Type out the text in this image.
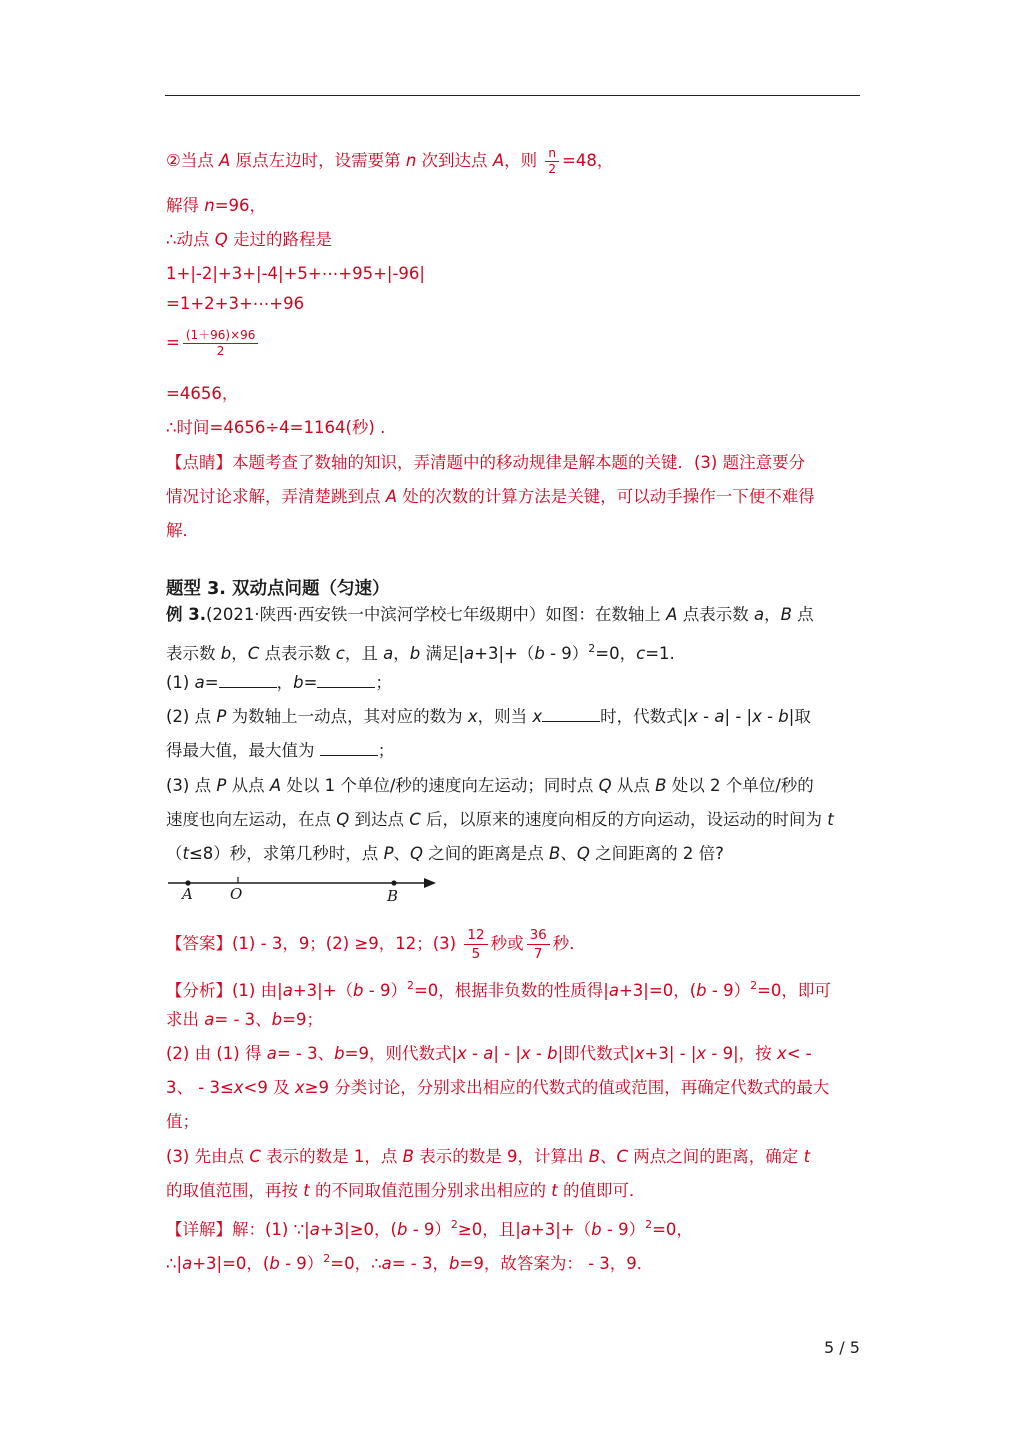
②当点 A 原点左边时，设需要第 n 次到达点 A，则 $\frac{n}{2} =48$，
解得 n=96，
∴动点 Q 走过的路程是
1+|-2|+3+|-4|+5+⋯+95+|-96|
=1+2+3+⋯+96
= $\frac{(1+96)\times 96}{2}$
=4656，
∴时间=4656÷4=1164(秒) .
【点睛】本题考查了数轴的知识，弄清题中的移动规律是解本题的关键．(3) 题注意要分
情况讨论求解，弄清楚跳到点 A 处的次数的计算方法是关键，可以动手操作一下便不难得
解．
题型 3. 双动点问题（匀速）
例 3.(2021·陕西·西安铁一中滨河学校七年级期中）如图：在数轴上 A 点表示数 a，B 点
表示数 b，C 点表示数 c，且 a，b 满足|a+3|+（b - 9）$^2$=0，c=1.
(1) a=	，b=	；
(2) 点 P 为数轴上一动点，其对应的数为 x，则当 x	时，代数式|x - a| - |x - b|取
得最大值，最大值为	；
(3) 点 P 从点 A 处以 1 个单位/秒的速度向左运动；同时点 Q 从点 B 处以 2 个单位/秒的
速度也向左运动，在点 Q 到达点 C 后，以原来的速度向相反的方向运动，设运动的时间为 t
（t≤8）秒，求第几秒时，点 P、Q 之间的距离是点 B、Q 之间距离的 2 倍?
A O	B
【答案】(1) - 3，9；(2) ≥9，12；$(3) \frac{12}{5}$ 秒或 $\frac{36}{7}$ 秒．
【分析】(1) 由|a+3|+（b - 9）$^2$=0，根据非负数的性质得|a+3|=0，(b - 9）$^2$=0，即可
求出 a= - 3、b=9；
(2) 由 (1) 得 a= - 3、b=9，则代数式|x - a| - |x - b|即代数式|x+3| - |x - 9|，按 x< -
3、 - 3≤x<9 及 x≥9 分类讨论，分别求出相应的代数式的值或范围，再确定代数式的最大
值；
(3) 先由点 C 表示的数是 1，点 B 表示的数是 9，计算出 B、C 两点之间的距离，确定 t
的取值范围，再按 t 的不同取值范围分别求出相应的 t 的值即可．
【详解】解：(1) ∵|a+3|≥0，(b - 9）$^2$≥0，且|a+3|+（b - 9）$^2$=0，
∴|a+3|=0，(b - 9）$^2$=0，∴a= - 3，b=9，故答案为： - 3，9．
5 / 5
